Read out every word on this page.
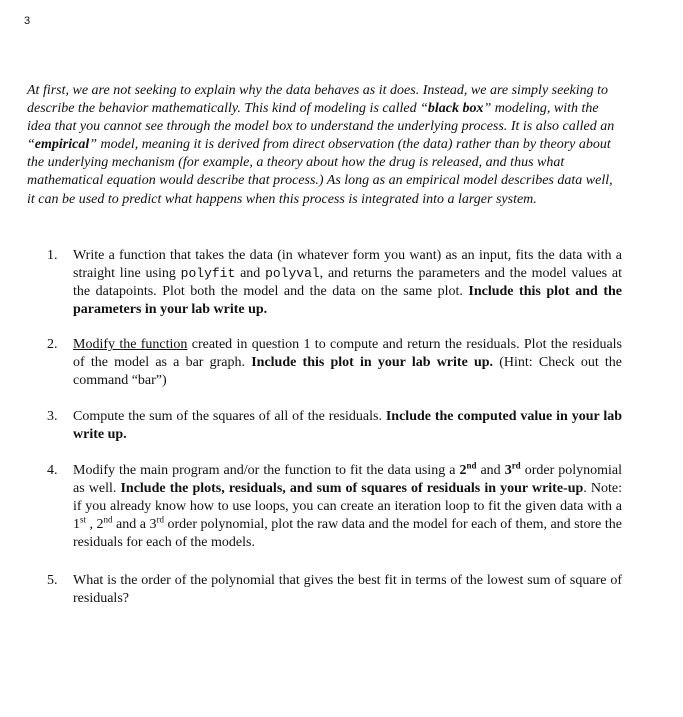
3

At first, we are not seeking to explain why the data behaves as it does. Instead, we are simply seeking to describe the behavior mathematically. This kind of modeling is called “black box” modeling, with the idea that you cannot see through the model box to understand the underlying process. It is also called an “empirical” model, meaning it is derived from direct observation (the data) rather than by theory about the underlying mechanism (for example, a theory about how the drug is released, and thus what mathematical equation would describe that process.) As long as an empirical model describes data well, it can be used to predict what happens when this process is integrated into a larger system.

1.	Write a function that takes the data (in whatever form you want) as an input, fits the data with a straight line using polyfit and polyval, and returns the parameters and the model values at the datapoints. Plot both the model and the data on the same plot. Include this plot and the parameters in your lab write up.
2.	Modify the function created in question 1 to compute and return the residuals. Plot the residuals of the model as a bar graph. Include this plot in your lab write up. (Hint: Check out the command “bar”)
3.	Compute the sum of the squares of all of the residuals. Include the computed value in your lab write up.
4.	Modify the main program and/or the function to fit the data using a 2nd and 3rd order polynomial as well. Include the plots, residuals, and sum of squares of residuals in your write-up. Note: if you already know how to use loops, you can create an iteration loop to fit the given data with a 1st , 2nd and a 3rd order polynomial, plot the raw data and the model for each of them, and store the residuals for each of the models.
5.	What is the order of the polynomial that gives the best fit in terms of the lowest sum of square of residuals?
